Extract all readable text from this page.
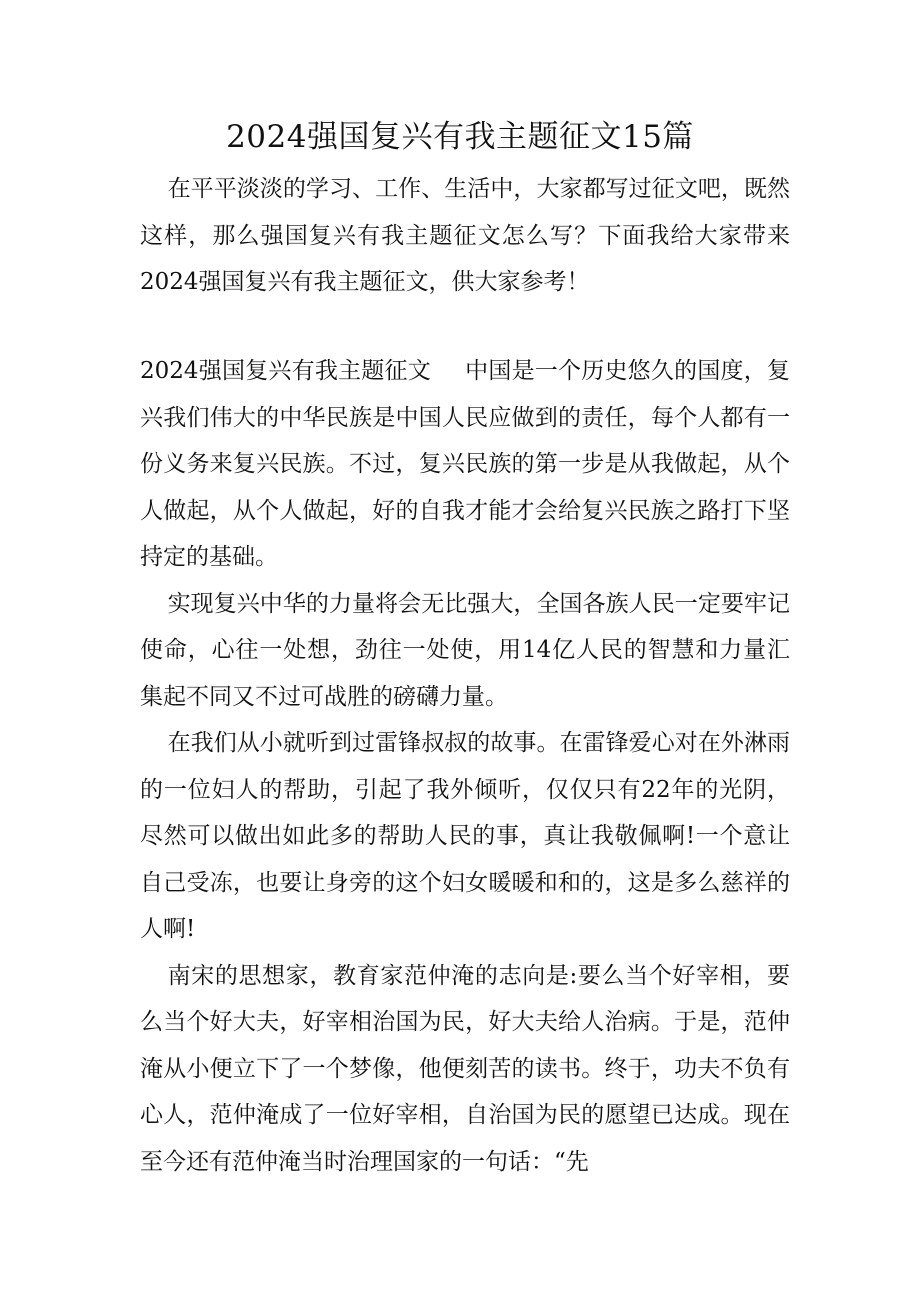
2024强国复兴有我主题征文15篇

在平平淡淡的学习、工作、生活中，大家都写过征文吧，既然这样，那么强国复兴有我主题征文怎么写？下面我给大家带来2024强国复兴有我主题征文，供大家参考！

2024强国复兴有我主题征文 中国是一个历史悠久的国度，复兴我们伟大的中华民族是中国人民应做到的责任，每个人都有一份义务来复兴民族。不过，复兴民族的第一步是从我做起，从个人做起，从个人做起，好的自我才能才会给复兴民族之路打下坚持定的基础。

实现复兴中华的力量将会无比强大，全国各族人民一定要牢记使命，心往一处想，劲往一处使，用14亿人民的智慧和力量汇集起不同又不过可战胜的磅礴力量。

在我们从小就听到过雷锋叔叔的故事。在雷锋爱心对在外淋雨的一位妇人的帮助，引起了我外倾听，仅仅只有22年的光阴，尽然可以做出如此多的帮助人民的事，真让我敬佩啊!一个意让自己受冻，也要让身旁的这个妇女暖暖和和的，这是多么慈祥的人啊!

南宋的思想家，教育家范仲淹的志向是:要么当个好宰相，要么当个好大夫，好宰相治国为民，好大夫给人治病。于是，范仲淹从小便立下了一个梦像，他便刻苦的读书。终于，功夫不负有心人，范仲淹成了一位好宰相，自治国为民的愿望已达成。现在至今还有范仲淹当时治理国家的一句话：“先
